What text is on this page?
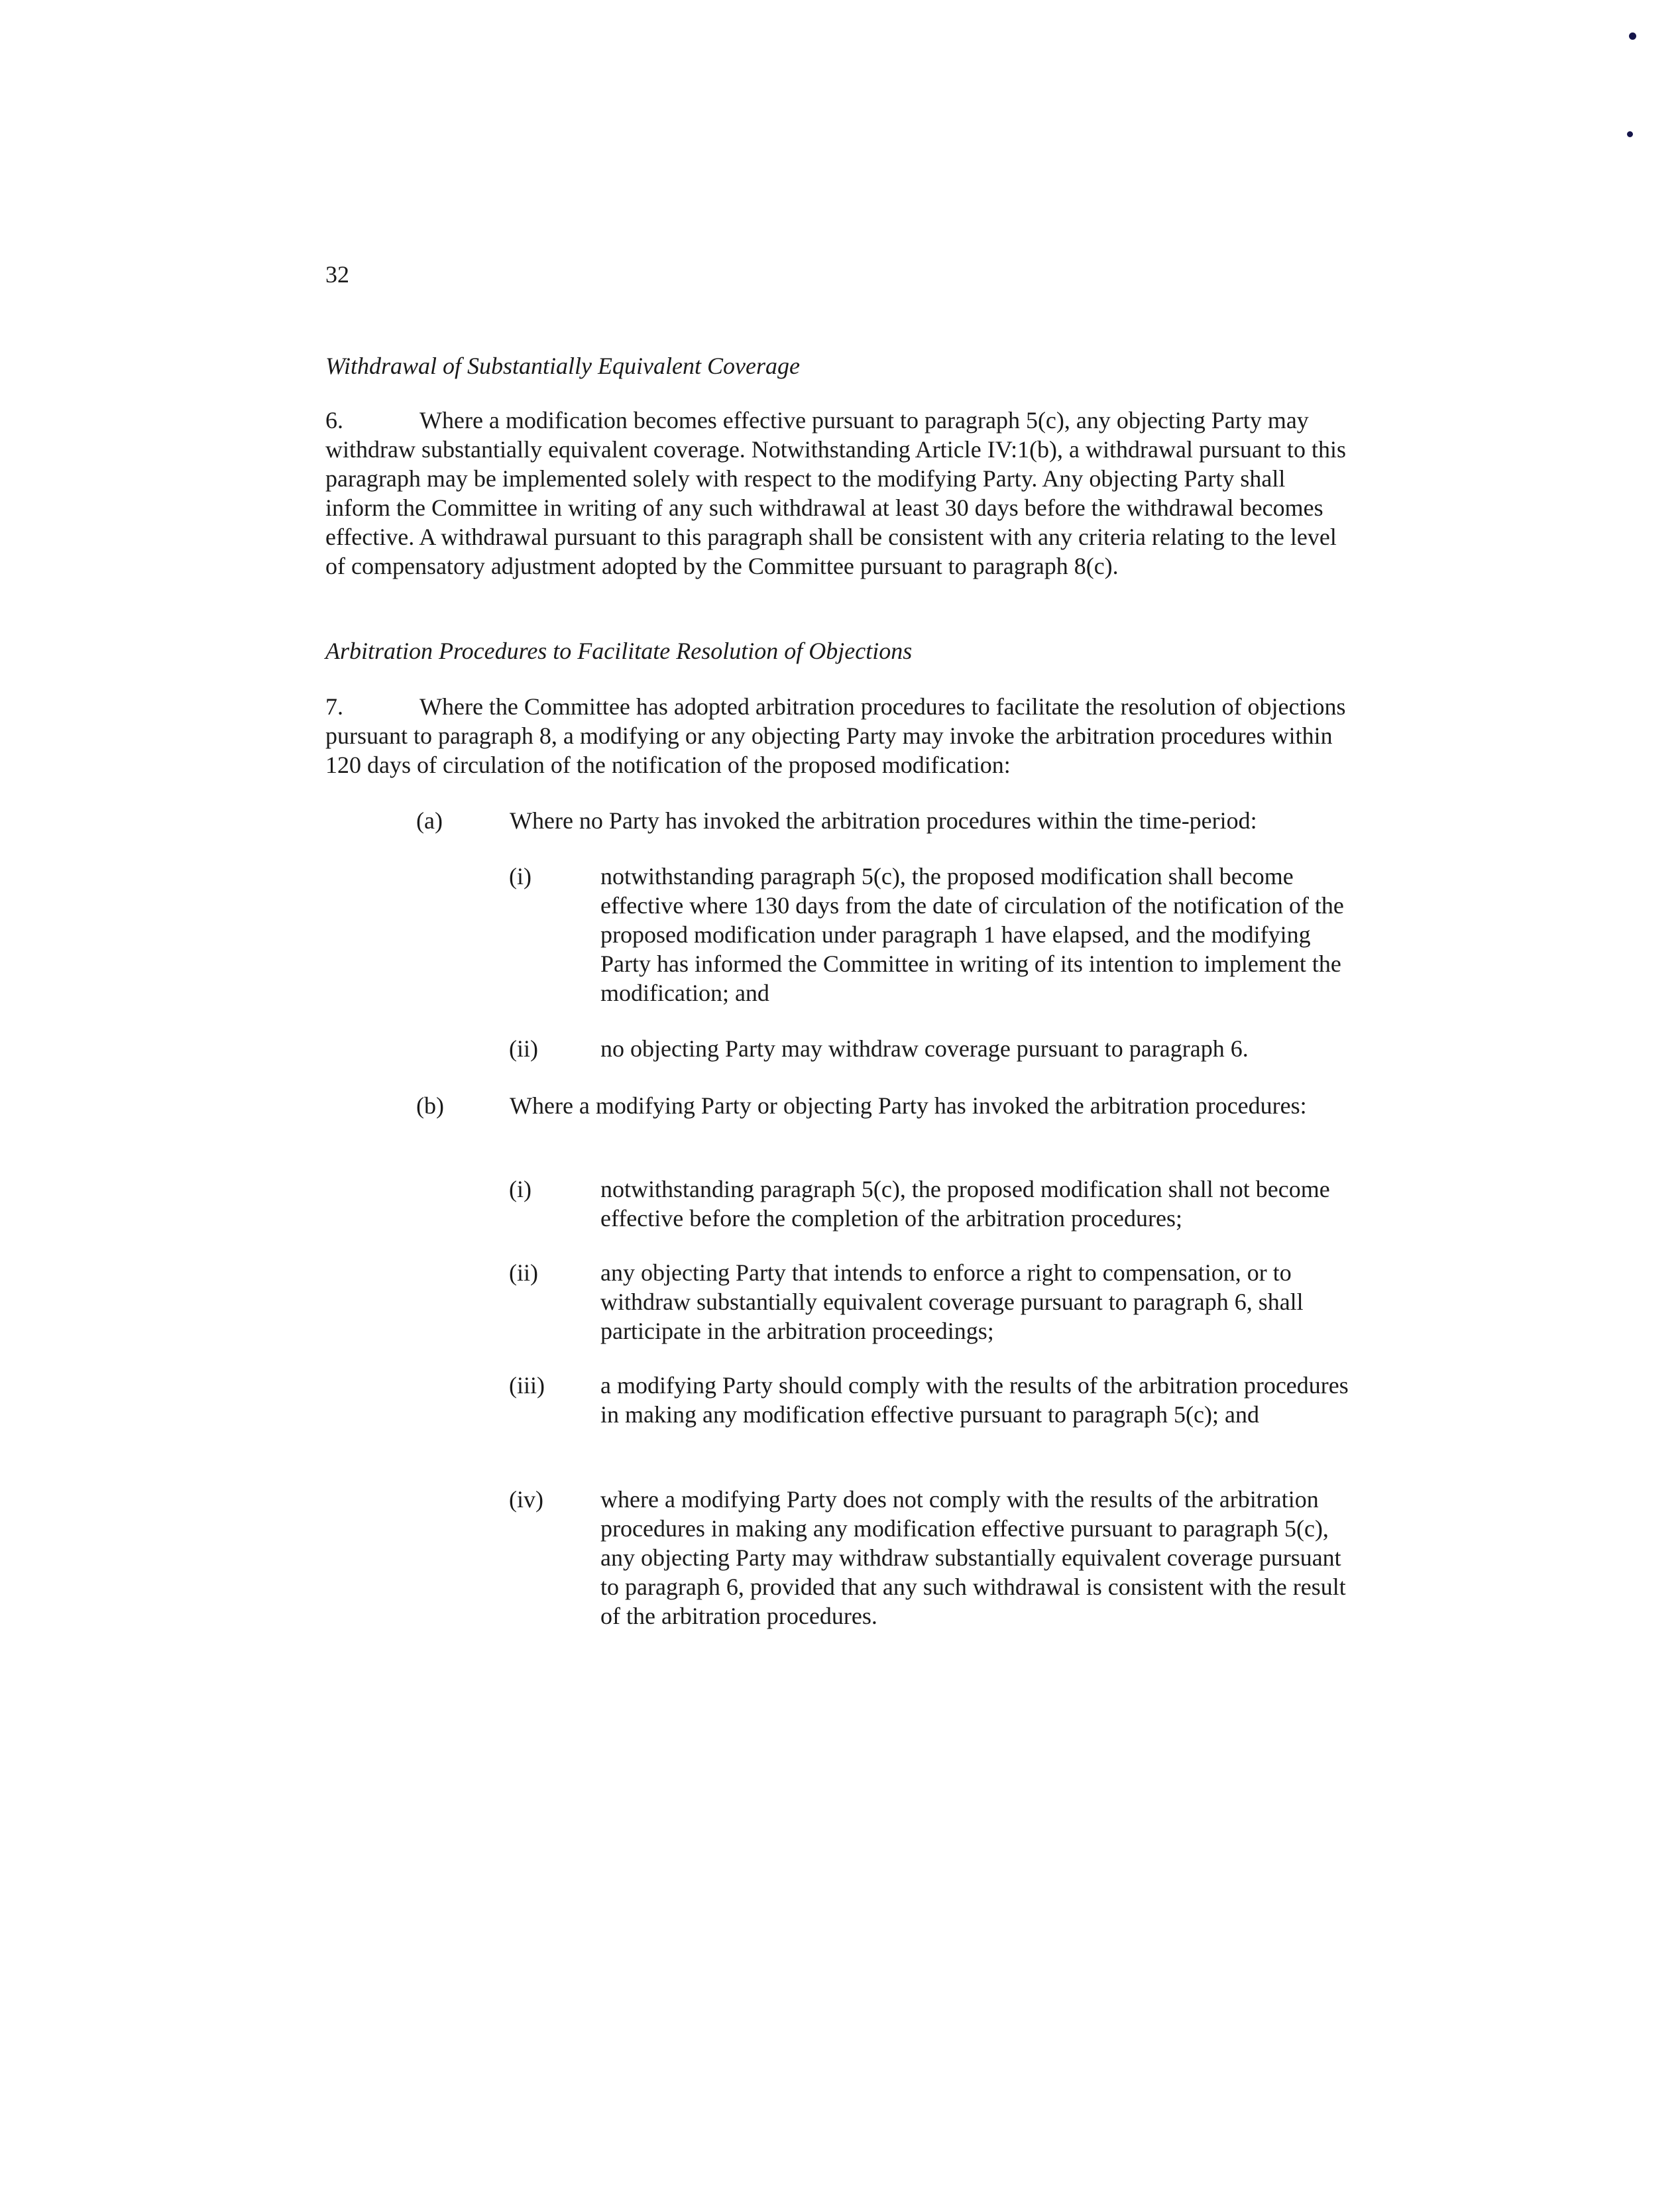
32

Withdrawal of Substantially Equivalent Coverage

6.	Where a modification becomes effective pursuant to paragraph 5(c), any objecting Party may withdraw substantially equivalent coverage. Notwithstanding Article IV:1(b), a withdrawal pursuant to this paragraph may be implemented solely with respect to the modifying Party. Any objecting Party shall inform the Committee in writing of any such withdrawal at least 30 days before the withdrawal becomes effective. A withdrawal pursuant to this paragraph shall be consistent with any criteria relating to the level of compensatory adjustment adopted by the Committee pursuant to paragraph 8(c).

Arbitration Procedures to Facilitate Resolution of Objections

7.	Where the Committee has adopted arbitration procedures to facilitate the resolution of objections pursuant to paragraph 8, a modifying or any objecting Party may invoke the arbitration procedures within 120 days of circulation of the notification of the proposed modification:

(a)	Where no Party has invoked the arbitration procedures within the time-period:
(i)	notwithstanding paragraph 5(c), the proposed modification shall become effective where 130 days from the date of circulation of the notification of the proposed modification under paragraph 1 have elapsed, and the modifying Party has informed the Committee in writing of its intention to implement the modification; and
(ii)	no objecting Party may withdraw coverage pursuant to paragraph 6.
(b)	Where a modifying Party or objecting Party has invoked the arbitration procedures:
(i)	notwithstanding paragraph 5(c), the proposed modification shall not become effective before the completion of the arbitration procedures;
(ii)	any objecting Party that intends to enforce a right to compensation, or to withdraw substantially equivalent coverage pursuant to paragraph 6, shall participate in the arbitration proceedings;
(iii) a modifying Party should comply with the results of the arbitration procedures in making any modification effective pursuant to paragraph 5(c); and
(iv) where a modifying Party does not comply with the results of the arbitration procedures in making any modification effective pursuant to paragraph 5(c), any objecting Party may withdraw substantially equivalent coverage pursuant to paragraph 6, provided that any such withdrawal is consistent with the result of the arbitration procedures.
